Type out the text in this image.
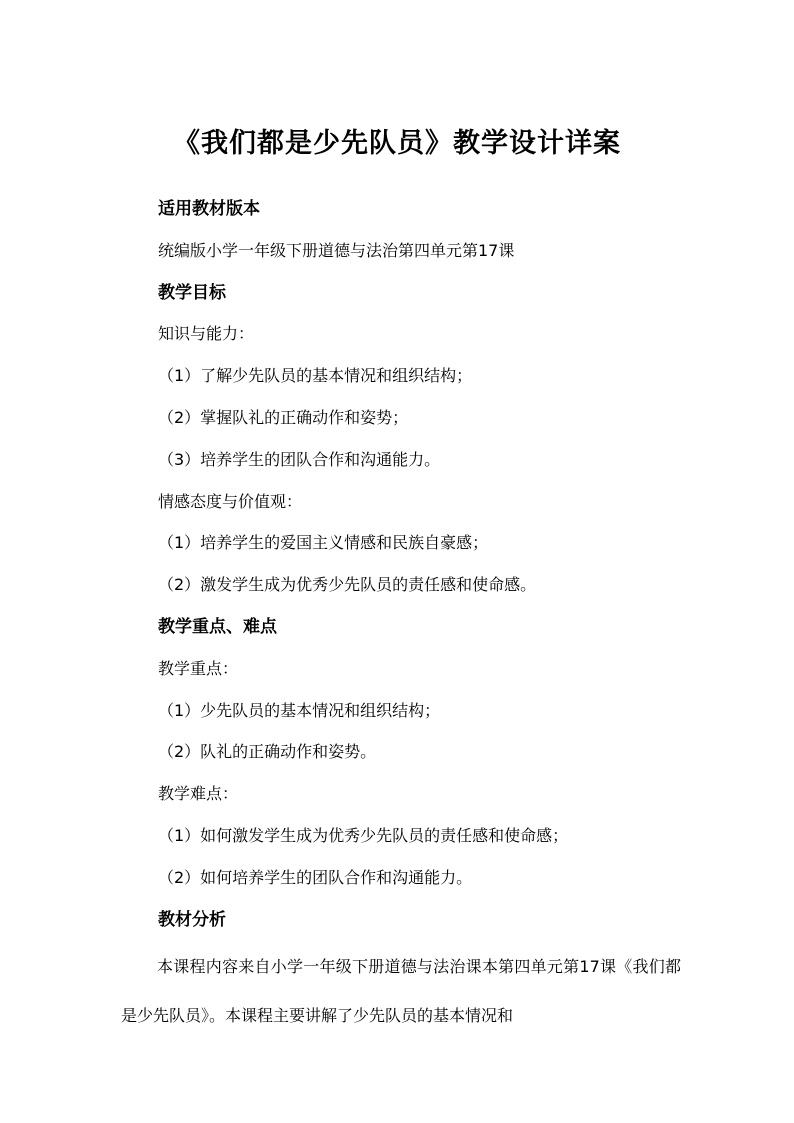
《我们都是少先队员》教学设计详案
适用教材版本
统编版小学一年级下册道德与法治第四单元第17课
教学目标
知识与能力：
（1）了解少先队员的基本情况和组织结构；
（2）掌握队礼的正确动作和姿势；
（3）培养学生的团队合作和沟通能力。
情感态度与价值观：
（1）培养学生的爱国主义情感和民族自豪感；
（2）激发学生成为优秀少先队员的责任感和使命感。
教学重点、难点
教学重点：
（1）少先队员的基本情况和组织结构；
（2）队礼的正确动作和姿势。
教学难点：
（1）如何激发学生成为优秀少先队员的责任感和使命感；
（2）如何培养学生的团队合作和沟通能力。
教材分析

本课程内容来自小学一年级下册道德与法治课本第四单元第17课《我们都是少先队员》。本课程主要讲解了少先队员的基本情况和
